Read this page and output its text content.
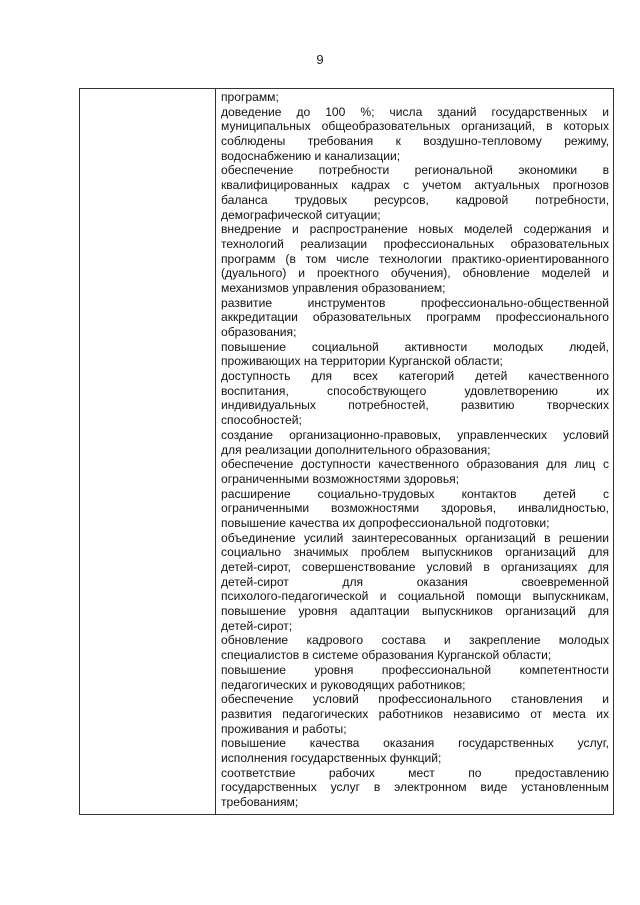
9
программ;
доведение до 100 %; числа зданий государственных и
муниципальных общеобразовательных организаций, в которых
соблюдены требования к воздушно-тепловому режиму,
водоснабжению и канализации;
обеспечение потребности региональной экономики в
квалифицированных кадрах с учетом актуальных прогнозов
баланса трудовых ресурсов, кадровой потребности,
демографической ситуации;
внедрение и распространение новых моделей содержания и
технологий реализации профессиональных образовательных
программ (в том числе технологии практико-ориентированного
(дуального) и проектного обучения), обновление моделей и
механизмов управления образованием;
развитие инструментов профессионально-общественной
аккредитации образовательных программ профессионального
образования;
повышение социальной активности молодых людей,
проживающих на территории Курганской области;
доступность для всех категорий детей качественного
воспитания, способствующего удовлетворению их
индивидуальных потребностей, развитию творческих
способностей;
создание организационно-правовых, управленческих условий
для реализации дополнительного образования;
обеспечение доступности качественного образования для лиц с
ограниченными возможностями здоровья;
расширение социально-трудовых контактов детей с
ограниченными возможностями здоровья, инвалидностью,
повышение качества их допрофессиональной подготовки;
объединение усилий заинтересованных организаций в решении
социально значимых проблем выпускников организаций для
детей-сирот, совершенствование условий в организациях для
детей-сирот для оказания своевременной
психолого-педагогической и социальной помощи выпускникам,
повышение уровня адаптации выпускников организаций для
детей-сирот;
обновление кадрового состава и закрепление молодых
специалистов в системе образования Курганской области;
повышение уровня профессиональной компетентности
педагогических и руководящих работников;
обеспечение условий профессионального становления и
развития педагогических работников независимо от места их
проживания и работы;
повышение качества оказания государственных услуг,
исполнения государственных функций;
соответствие рабочих мест по предоставлению
государственных услуг в электронном виде установленным
требованиям;
